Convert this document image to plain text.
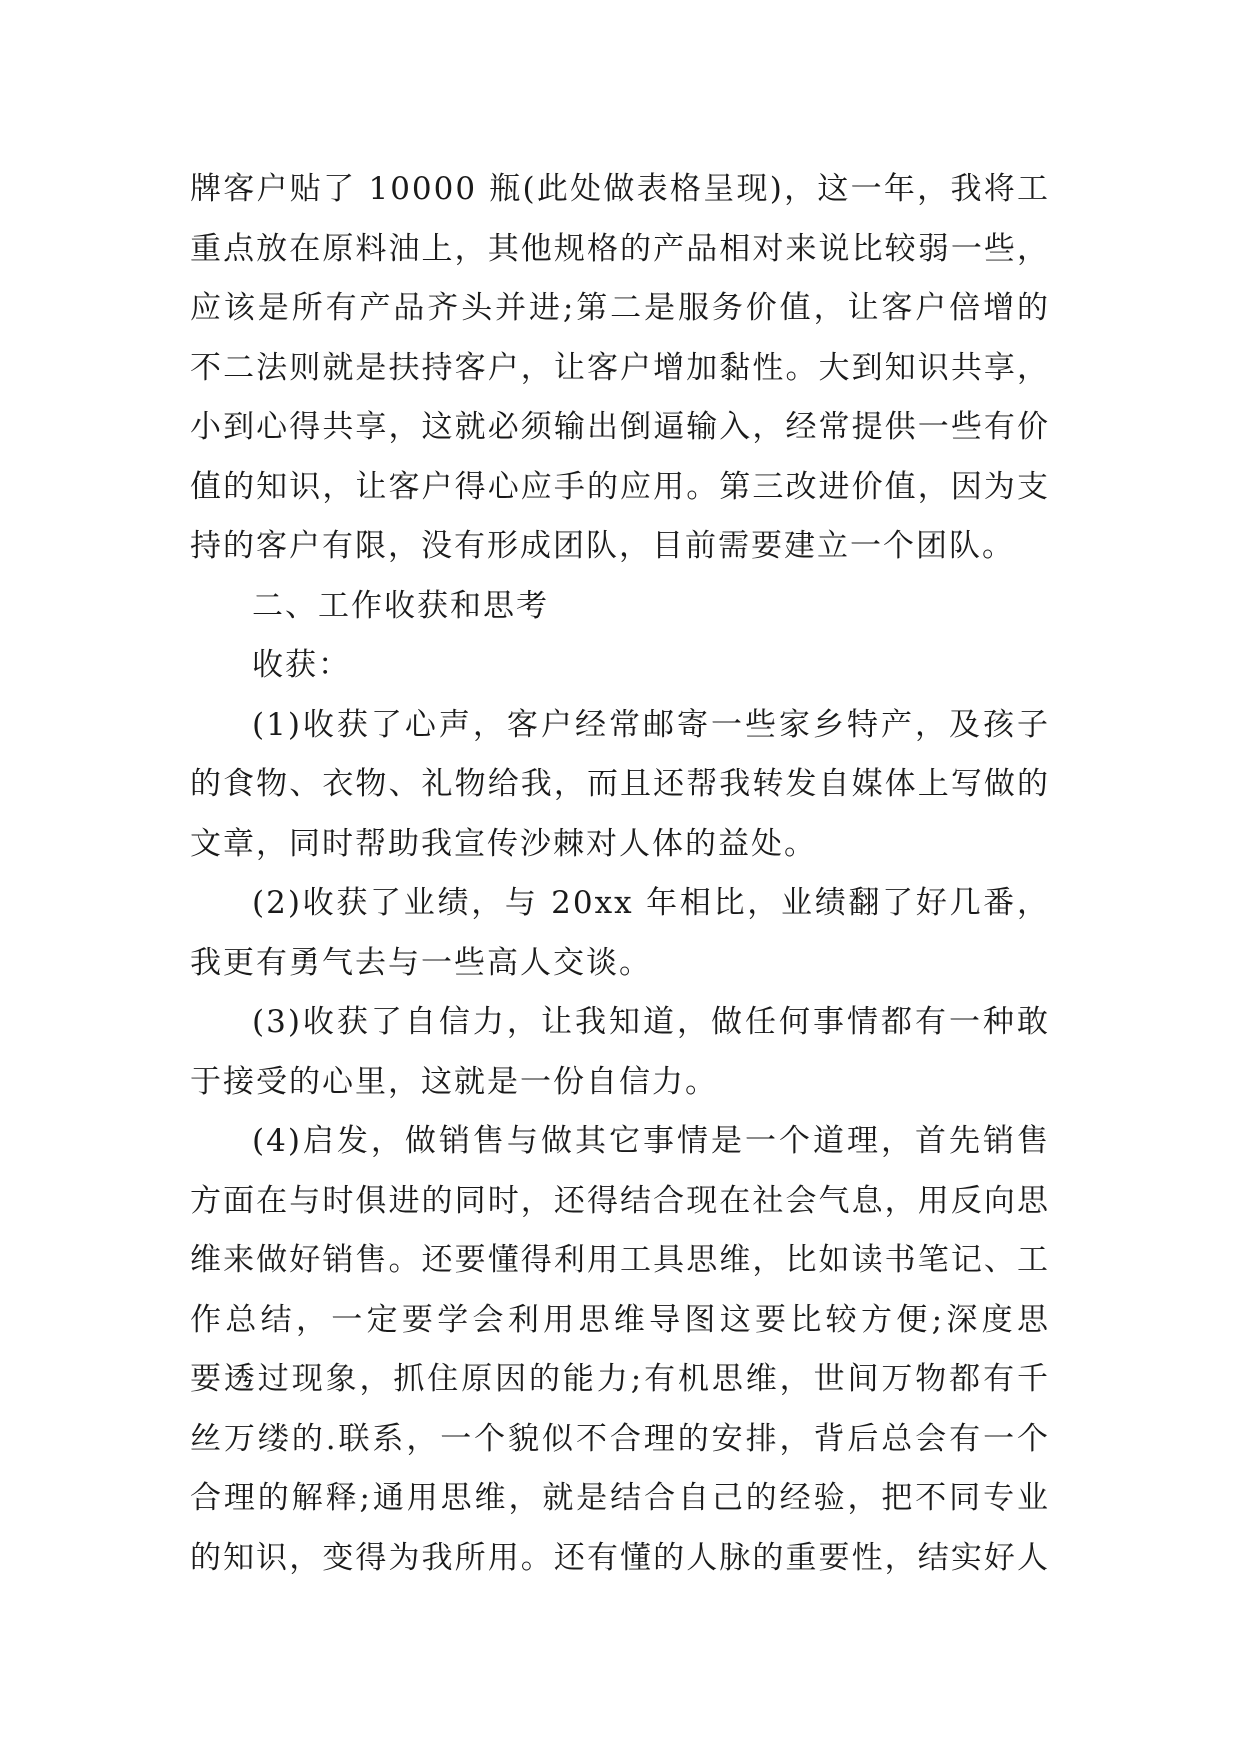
牌客户贴了 10000 瓶(此处做表格呈现)，这一年，我将工
重点放在原料油上，其他规格的产品相对来说比较弱一些，
应该是所有产品齐头并进;第二是服务价值，让客户倍增的
不二法则就是扶持客户，让客户增加黏性。大到知识共享，
小到心得共享，这就必须输出倒逼输入，经常提供一些有价
值的知识，让客户得心应手的应用。第三改进价值，因为支
持的客户有限，没有形成团队，目前需要建立一个团队。
二、工作收获和思考
收获：
(1)收获了心声，客户经常邮寄一些家乡特产，及孩子
的食物、衣物、礼物给我，而且还帮我转发自媒体上写做的
文章，同时帮助我宣传沙棘对人体的益处。
(2)收获了业绩，与 20xx 年相比，业绩翻了好几番，
我更有勇气去与一些高人交谈。
(3)收获了自信力，让我知道，做任何事情都有一种敢
于接受的心里，这就是一份自信力。
(4)启发，做销售与做其它事情是一个道理，首先销售
方面在与时俱进的同时，还得结合现在社会气息，用反向思
维来做好销售。还要懂得利用工具思维，比如读书笔记、工
作总结，一定要学会利用思维导图这要比较方便;深度思
要透过现象，抓住原因的能力;有机思维，世间万物都有千
丝万缕的.联系，一个貌似不合理的安排，背后总会有一个
合理的解释;通用思维，就是结合自己的经验，把不同专业
的知识，变得为我所用。还有懂的人脉的重要性，结实好人
